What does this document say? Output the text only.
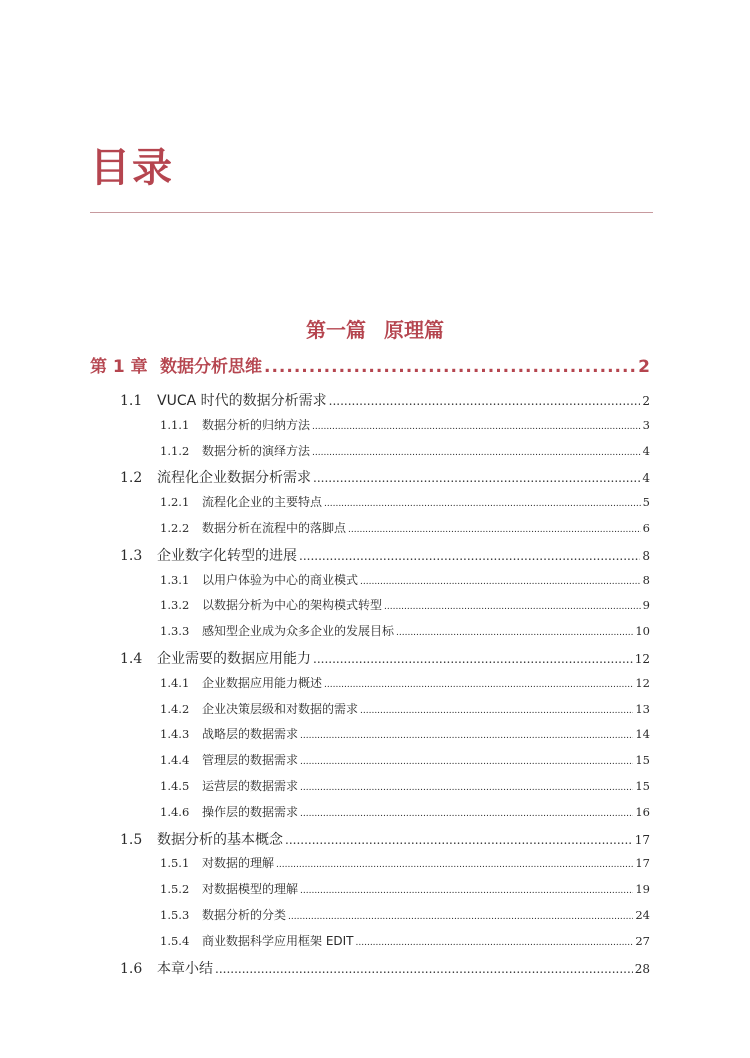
目录
第一篇 原理篇
第 1 章 数据分析思维 .....	2
1.1	VUCA 时代的数据分析需求 .....	2
1.1.1	数据分析的归纳方法 .....	3
1.1.2	数据分析的演绎方法 .....	4
1.2	流程化企业数据分析需求 .....	4
1.2.1	流程化企业的主要特点 .....	5
1.2.2	数据分析在流程中的落脚点 .....	6
1.3	企业数字化转型的进展 .....	8
1.3.1	以用户体验为中心的商业模式 .....	8
1.3.2	以数据分析为中心的架构模式转型 .....	9
1.3.3	感知型企业成为众多企业的发展目标 .....	10
1.4	企业需要的数据应用能力 .....	12
1.4.1	企业数据应用能力概述 .....	12
1.4.2	企业决策层级和对数据的需求 .....	13
1.4.3	战略层的数据需求 .....	14
1.4.4	管理层的数据需求 .....	15
1.4.5	运营层的数据需求 .....	15
1.4.6	操作层的数据需求 .....	16
1.5	数据分析的基本概念 .....	17
1.5.1	对数据的理解 .....	17
1.5.2	对数据模型的理解 .....	19
1.5.3	数据分析的分类 .....	24
1.5.4	商业数据科学应用框架 EDIT .....	27
1.6	本章小结 .....	28
